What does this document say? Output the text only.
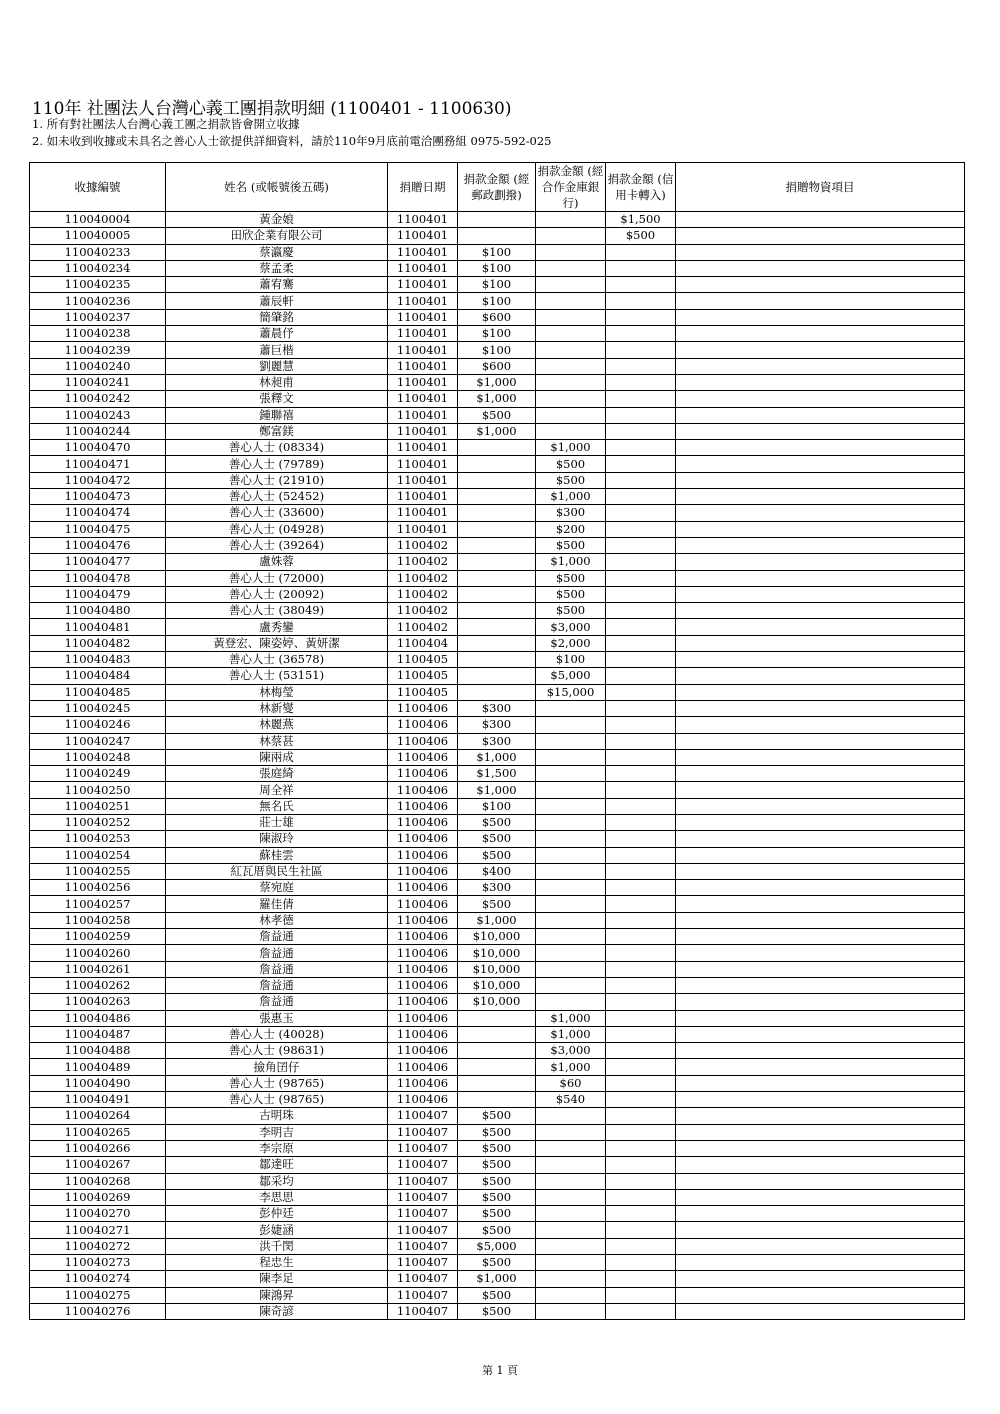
110年 社團法人台灣心義工團捐款明細 (1100401 - 1100630)
1. 所有對社團法人台灣心義工團之捐款皆會開立收據
2. 如未收到收據或未具名之善心人士欲提供詳細資料，請於110年9月底前電洽團務組 0975-592-025
收據編號	姓名 (或帳號後五碼)	捐贈日期	捐款金額 (經郵政劃撥)	捐款金額 (經合作金庫銀行)	捐款金額 (信用卡轉入)	捐贈物資項目
110040004	黃金娘	1100401			$1,500	
110040005	田欣企業有限公司	1100401			$500	
110040233	蔡瀛慶	1100401	$100			
110040234	蔡孟柔	1100401	$100			
110040235	蕭宥騫	1100401	$100			
110040236	蕭辰軒	1100401	$100			
110040237	簡肇銘	1100401	$600			
110040238	蕭晨伃	1100401	$100			
110040239	蕭巨楷	1100401	$100			
110040240	劉麗慧	1100401	$600			
110040241	林昶甫	1100401	$1,000			
110040242	張釋文	1100401	$1,000			
110040243	鍾聯禧	1100401	$500			
110040244	鄭富鎂	1100401	$1,000			
110040470	善心人士 (08334)	1100401		$1,000		
110040471	善心人士 (79789)	1100401		$500		
110040472	善心人士 (21910)	1100401		$500		
110040473	善心人士 (52452)	1100401		$1,000		
110040474	善心人士 (33600)	1100401		$300		
110040475	善心人士 (04928)	1100401		$200		
110040476	善心人士 (39264)	1100402		$500		
110040477	盧姝蓉	1100402		$1,000		
110040478	善心人士 (72000)	1100402		$500		
110040479	善心人士 (20092)	1100402		$500		
110040480	善心人士 (38049)	1100402		$500		
110040481	盧秀鑾	1100402		$3,000		
110040482	黃登宏、陳姿婷、黃妍潔	1100404		$2,000		
110040483	善心人士 (36578)	1100405		$100		
110040484	善心人士 (53151)	1100405		$5,000		
110040485	林梅瑩	1100405		$15,000		
110040245	林新燮	1100406	$300			
110040246	林麗燕	1100406	$300			
110040247	林蔡甚	1100406	$300			
110040248	陳兩成	1100406	$1,000			
110040249	張庭綺	1100406	$1,500			
110040250	周全祥	1100406	$1,000			
110040251	無名氏	1100406	$100			
110040252	莊士雄	1100406	$500			
110040253	陳淑玲	1100406	$500			
110040254	蘇桂雲	1100406	$500			
110040255	紅瓦厝與民生社區	1100406	$400			
110040256	蔡宛庭	1100406	$300			
110040257	羅佳倩	1100406	$500			
110040258	林孝德	1100406	$1,000			
110040259	詹益通	1100406	$10,000			
110040260	詹益通	1100406	$10,000			
110040261	詹益通	1100406	$10,000			
110040262	詹益通	1100406	$10,000			
110040263	詹益通	1100406	$10,000			
110040486	張惠玉	1100406		$1,000		
110040487	善心人士 (40028)	1100406		$1,000		
110040488	善心人士 (98631)	1100406		$3,000		
110040489	撿角囝仔	1100406		$1,000		
110040490	善心人士 (98765)	1100406		$60		
110040491	善心人士 (98765)	1100406		$540		
110040264	古明珠	1100407	$500			
110040265	李明吉	1100407	$500			
110040266	李宗原	1100407	$500			
110040267	鄒達旺	1100407	$500			
110040268	鄒采均	1100407	$500			
110040269	李思思	1100407	$500			
110040270	彭仲廷	1100407	$500			
110040271	彭婕涵	1100407	$500			
110040272	洪千閔	1100407	$5,000			
110040273	程忠生	1100407	$500			
110040274	陳李足	1100407	$1,000			
110040275	陳鴻昇	1100407	$500			
110040276	陳奇諺	1100407	$500			
第 1 頁
